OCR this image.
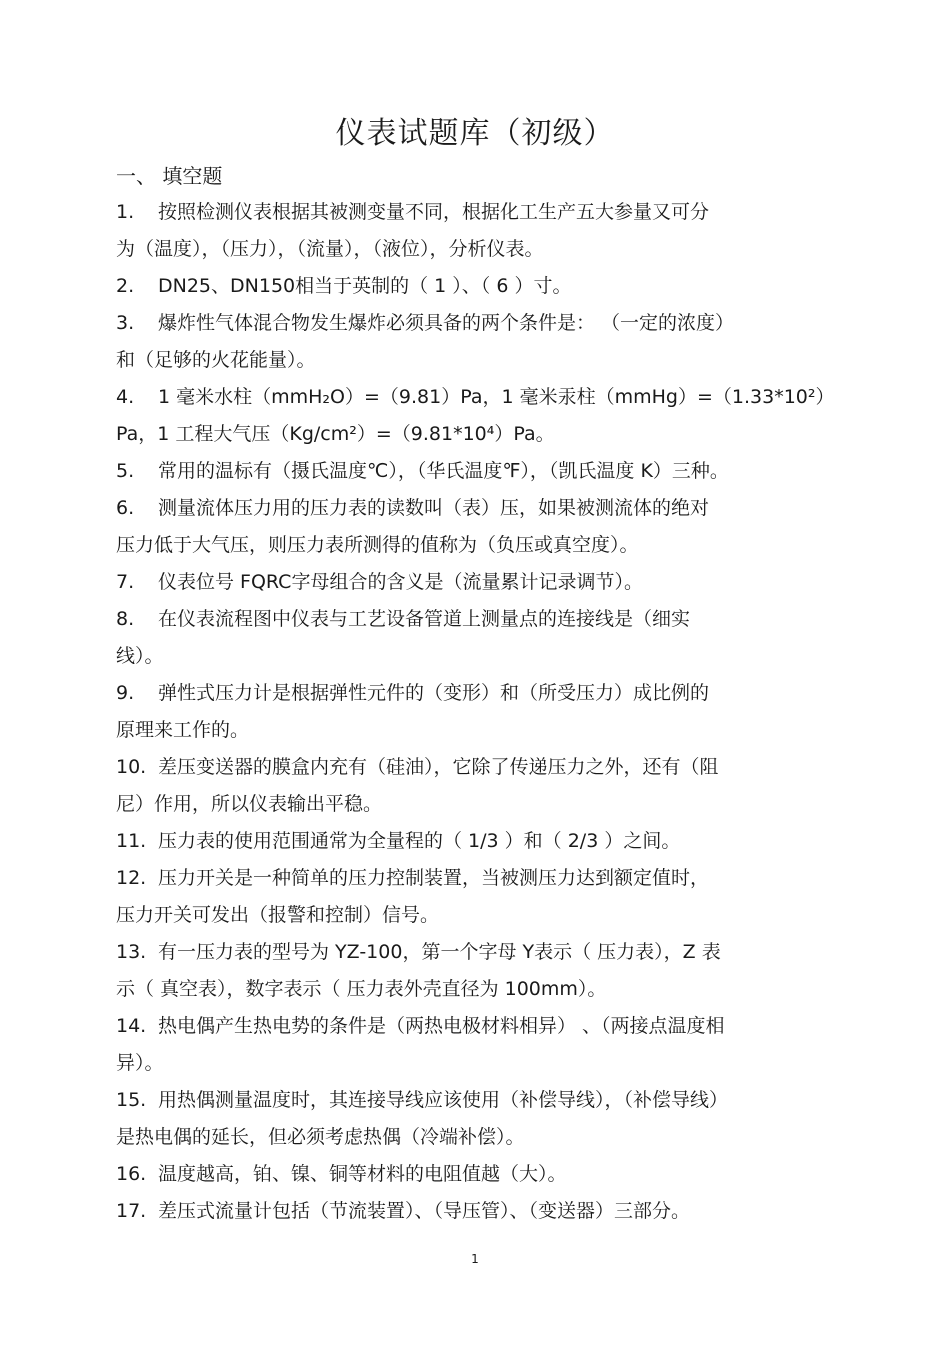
仪表试题库（初级）
一、 填空题
1. 按照检测仪表根据其被测变量不同，根据化工生产五大参量又可分
为（温度），（压力），（流量），（液位），分析仪表。
2. DN25、DN150相当于英制的（ 1 ）、（ 6 ）寸。
3. 爆炸性气体混合物发生爆炸必须具备的两个条件是： （一定的浓度）
和（足够的火花能量）。
4. 1 毫米水柱（mmH₂O）=（9.81）Pa，1 毫米汞柱（mmHg）=（1.33*10²）
Pa，1 工程大气压（Kg/cm²）=（9.81*10⁴）Pa。
5. 常用的温标有（摄氏温度℃），（华氏温度℉），（凯氏温度 K）三种。
6. 测量流体压力用的压力表的读数叫（表）压，如果被测流体的绝对
压力低于大气压，则压力表所测得的值称为（负压或真空度）。
7. 仪表位号 FQRC字母组合的含义是（流量累计记录调节）。
8. 在仪表流程图中仪表与工艺设备管道上测量点的连接线是（细实
线）。
9. 弹性式压力计是根据弹性元件的（变形）和（所受压力）成比例的
原理来工作的。
10. 差压变送器的膜盒内充有（硅油），它除了传递压力之外，还有（阻
尼）作用，所以仪表输出平稳。
11. 压力表的使用范围通常为全量程的（ 1/3 ）和（ 2/3 ）之间。
12. 压力开关是一种简单的压力控制装置，当被测压力达到额定值时，
压力开关可发出（报警和控制）信号。
13. 有一压力表的型号为 YZ-100，第一个字母 Y表示（ 压力表），Z 表
示（ 真空表），数字表示（ 压力表外壳直径为 100mm）。
14. 热电偶产生热电势的条件是（两热电极材料相异） 、（两接点温度相
异）。
15. 用热偶测量温度时，其连接导线应该使用（补偿导线），（补偿导线）
是热电偶的延长，但必须考虑热偶（冷端补偿）。
16. 温度越高，铂、镍、铜等材料的电阻值越（大）。
17. 差压式流量计包括（节流装置）、（导压管）、（变送器）三部分。
1
